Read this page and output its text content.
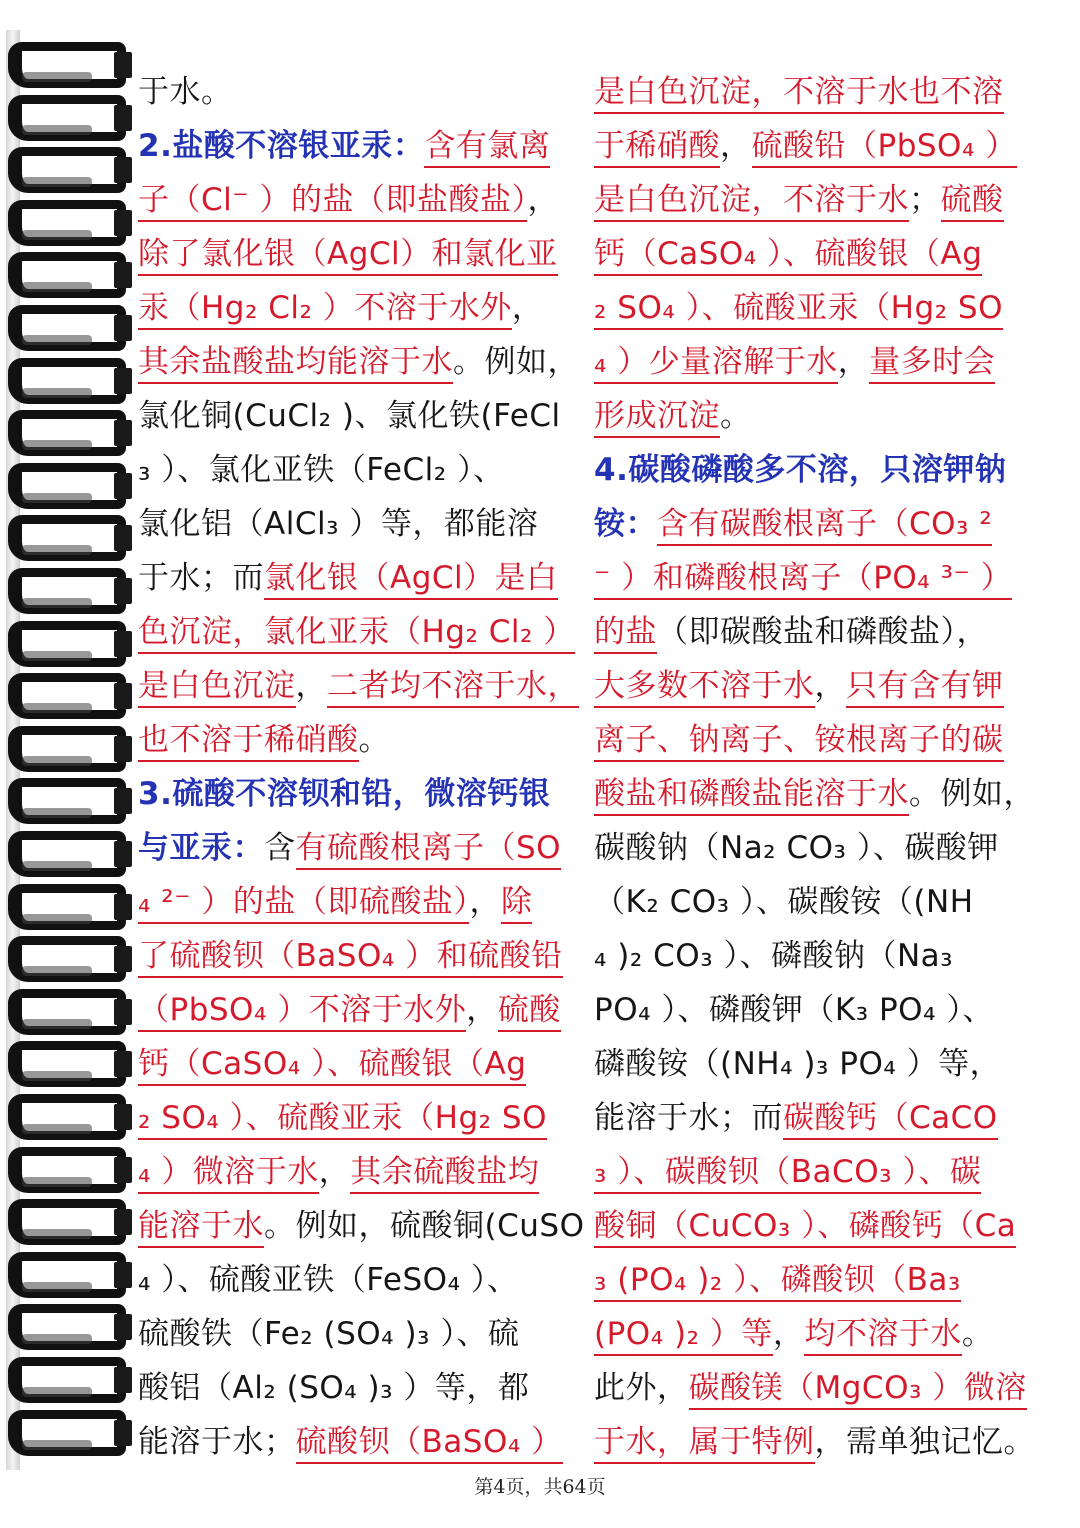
于水。
2.盐酸不溶银亚汞：含有氯离
子（Cl⁻ ）的盐（即盐酸盐），
除了氯化银（AgCl）和氯化亚
汞（Hg₂ Cl₂ ）不溶于水外，
其余盐酸盐均能溶于水。例如，
氯化铜(CuCl₂ )、氯化铁(FeCl
₃ ）、氯化亚铁（FeCl₂ ）、
氯化铝（AlCl₃ ）等，都能溶
于水；而氯化银（AgCl）是白
色沉淀，氯化亚汞（Hg₂ Cl₂ ）
是白色沉淀，二者均不溶于水，
也不溶于稀硝酸。
3.硫酸不溶钡和铅，微溶钙银
与亚汞：含有硫酸根离子（SO
₄ ²⁻ ）的盐（即硫酸盐），除
了硫酸钡（BaSO₄ ）和硫酸铅
（PbSO₄ ）不溶于水外，硫酸
钙（CaSO₄ ）、硫酸银（Ag
₂ SO₄ ）、硫酸亚汞（Hg₂ SO
₄ ）微溶于水，其余硫酸盐均
能溶于水。例如，硫酸铜(CuSO
₄ ）、硫酸亚铁（FeSO₄ ）、
硫酸铁（Fe₂ (SO₄ )₃ ）、硫
酸铝（Al₂ (SO₄ )₃ ）等，都
能溶于水；硫酸钡（BaSO₄ ）
是白色沉淀，不溶于水也不溶
于稀硝酸，硫酸铅（PbSO₄ ）
是白色沉淀，不溶于水；硫酸
钙（CaSO₄ ）、硫酸银（Ag
₂ SO₄ ）、硫酸亚汞（Hg₂ SO
₄ ）少量溶解于水，量多时会
形成沉淀。
4.碳酸磷酸多不溶，只溶钾钠
铵：含有碳酸根离子（CO₃ ²
⁻ ）和磷酸根离子（PO₄ ³⁻ ）
的盐（即碳酸盐和磷酸盐），
大多数不溶于水，只有含有钾
离子、钠离子、铵根离子的碳
酸盐和磷酸盐能溶于水。例如，
碳酸钠（Na₂ CO₃ ）、碳酸钾
（K₂ CO₃ ）、碳酸铵（(NH
₄ )₂ CO₃ ）、磷酸钠（Na₃
PO₄ ）、磷酸钾（K₃ PO₄ ）、
磷酸铵（(NH₄ )₃ PO₄ ）等，
能溶于水；而碳酸钙（CaCO
₃ ）、碳酸钡（BaCO₃ ）、碳
酸铜（CuCO₃ ）、磷酸钙（Ca
₃ (PO₄ )₂ ）、磷酸钡（Ba₃
(PO₄ )₂ ）等，均不溶于水。
此外，碳酸镁（MgCO₃ ）微溶
于水，属于特例，需单独记忆。
第4页，共64页
